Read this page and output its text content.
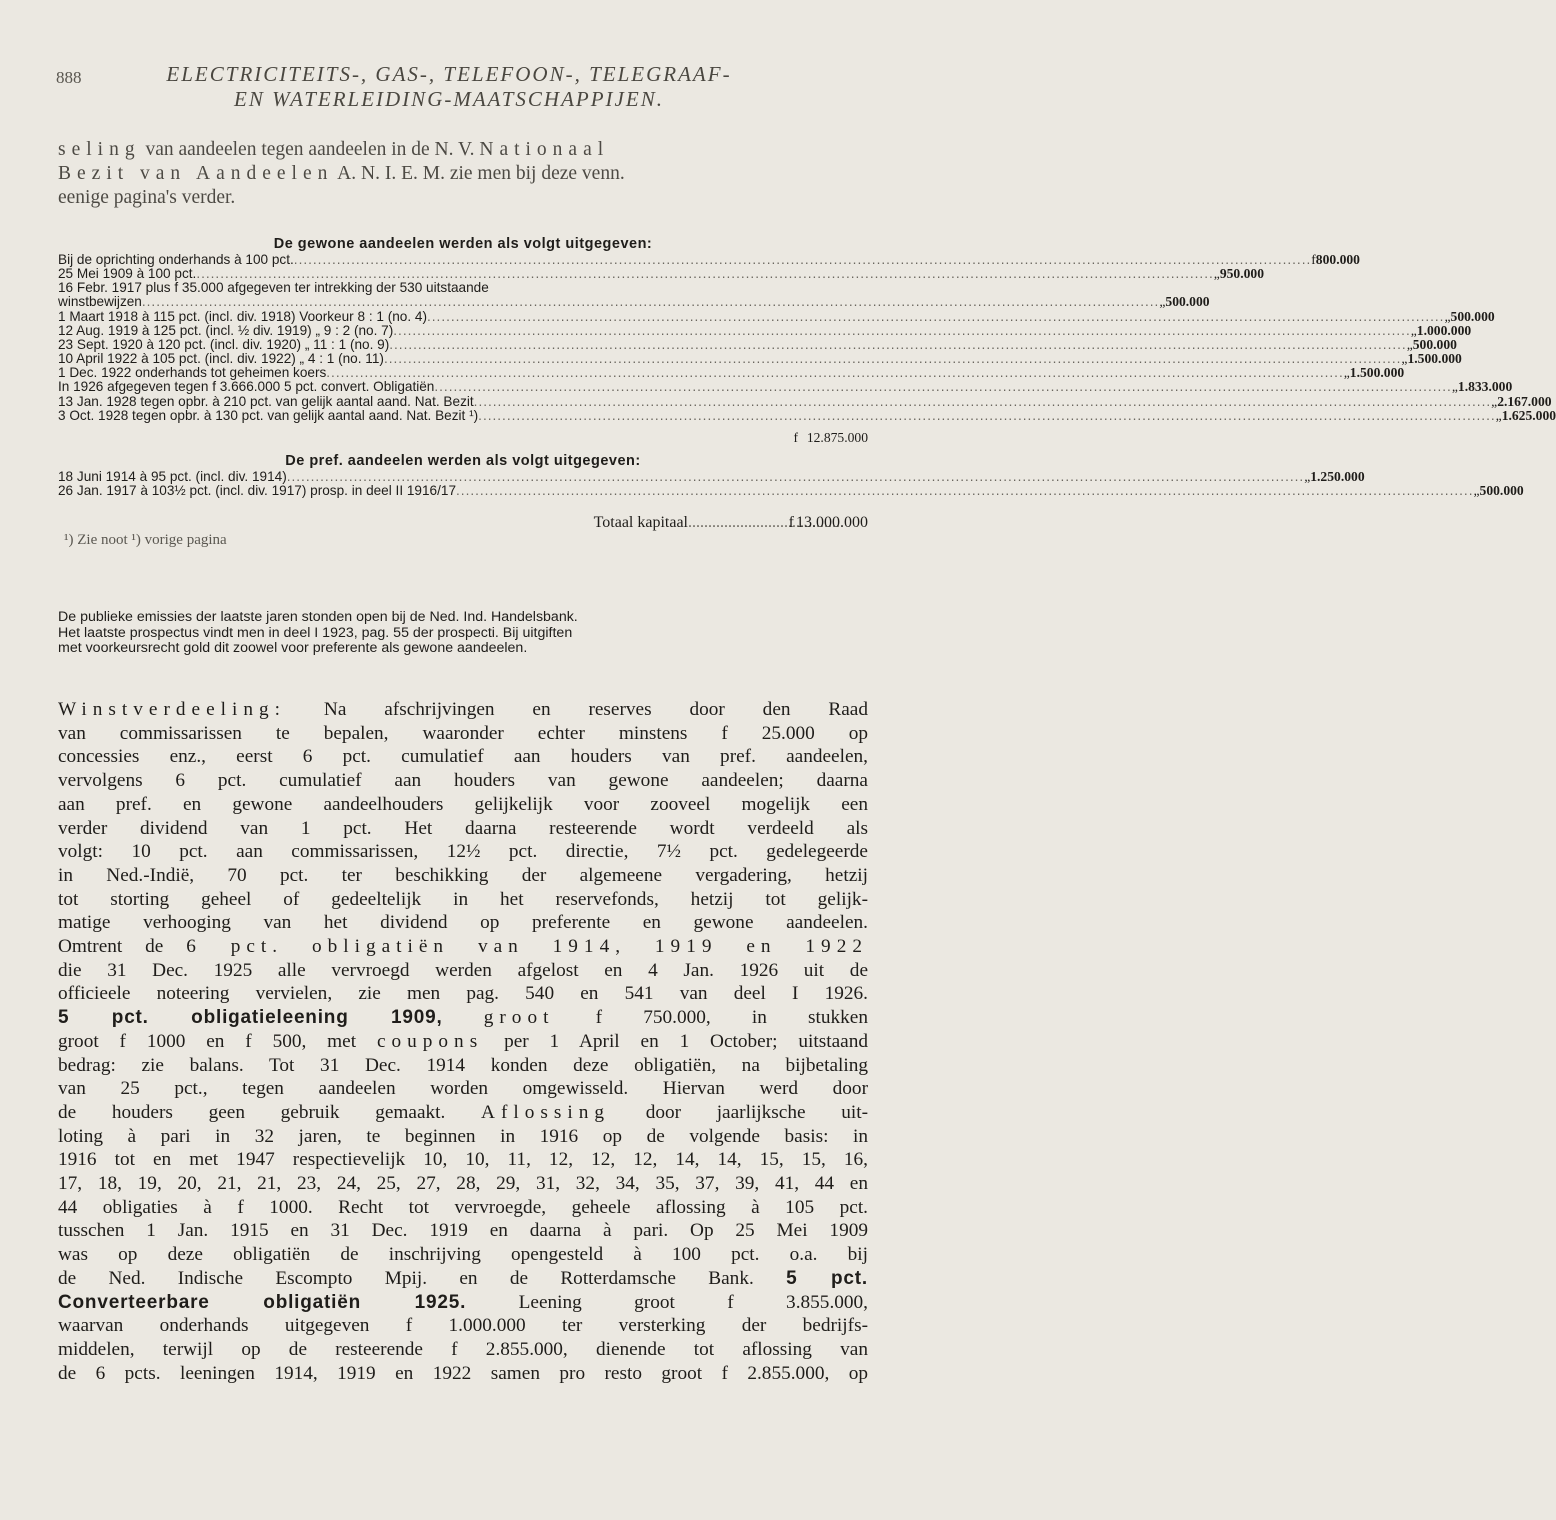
888	ELECTRICITEITS-, GAS-, TELEFOON-, TELEGRAAF-
EN WATERLEIDING-MAATSCHAPPIJEN.

seling van aandeelen tegen aandeelen in de N. V. Nationaal

Bezit van Aandeelen A. N. I. E. M. zie men bij deze venn.

eenige pagina's verder.

De gewone aandeelen werden als volgt uitgegeven:
Bij de oprichting onderhands à 100 pct. .....	f 800.000
25 Mei 1909 à 100 pct. .....	„ 950.000
16 Febr. 1917 plus f 35.000 afgegeven ter intrekking der 530 uitstaande
winstbewijzen .....	„ 500.000
1 Maart 1918 à 115 pct. (incl. div. 1918) Voorkeur 8 : 1 (no. 4) .....	„ 500.000
12 Aug. 1919 à 125 pct. (incl. ½ div. 1919) „ 9 : 2 (no. 7) .....	„ 1.000.000
23 Sept. 1920 à 120 pct. (incl. div. 1920) „ 11 : 1 (no. 9) .....	„ 500.000
10 April 1922 à 105 pct. (incl. div. 1922) „ 4 : 1 (no. 11) .....	„ 1.500.000
1 Dec. 1922 onderhands tot geheimen koers .....	„ 1.500.000
In 1926 afgegeven tegen f 3.666.000 5 pct. convert. Obligatiën .....	„ 1.833.000
13 Jan. 1928 tegen opbr. à 210 pct. van gelijk aantal aand. Nat. Bezit .....	„ 2.167.000
3 Oct. 1928 tegen opbr. à 130 pct. van gelijk aantal aand. Nat. Bezit ¹) .....	„ 1.625.000
f 12.875.000
De pref. aandeelen werden als volgt uitgegeven:
18 Juni 1914 à 95 pct. (incl. div. 1914) .....	„ 1.250.000
26 Jan. 1917 à 103½ pct. (incl. div. 1917) prosp. in deel II 1916/17 .....	„ 500.000
Totaal kapitaal .....	f 13.000.000
¹) Zie noot ¹) vorige pagina

De publieke emissies der laatste jaren stonden open bij de Ned. Ind. Handelsbank.

Het laatste prospectus vindt men in deel I 1923, pag. 55 der prospecti. Bij uitgiften

met voorkeursrecht gold dit zoowel voor preferente als gewone aandeelen.

Winstverdeeling: Na afschrijvingen en reserves door den Raad

van commissarissen te bepalen, waaronder echter minstens f 25.000 op

concessies enz., eerst 6 pct. cumulatief aan houders van pref. aandeelen,

vervolgens 6 pct. cumulatief aan houders van gewone aandeelen; daarna

aan pref. en gewone aandeelhouders gelijkelijk voor zooveel mogelijk een

verder dividend van 1 pct. Het daarna resteerende wordt verdeeld als

volgt: 10 pct. aan commissarissen, 12½ pct. directie, 7½ pct. gedelegeerde

in Ned.-Indië, 70 pct. ter beschikking der algemeene vergadering, hetzij

tot storting geheel of gedeeltelijk in het reservefonds, hetzij tot gelijk-

matige verhooging van het dividend op preferente en gewone aandeelen.

Omtrent de 6 pct. obligatiën van 1914, 1919 en 1922

die 31 Dec. 1925 alle vervroegd werden afgelost en 4 Jan. 1926 uit de

officieele noteering vervielen, zie men pag. 540 en 541 van deel I 1926.

5 pct. obligatieleening 1909, groot f 750.000, in stukken

groot f 1000 en f 500, met coupons per 1 April en 1 October; uitstaand

bedrag: zie balans. Tot 31 Dec. 1914 konden deze obligatiën, na bijbetaling

van 25 pct., tegen aandeelen worden omgewisseld. Hiervan werd door

de houders geen gebruik gemaakt. Aflossing door jaarlijksche uit-

loting à pari in 32 jaren, te beginnen in 1916 op de volgende basis: in

1916 tot en met 1947 respectievelijk 10, 10, 11, 12, 12, 12, 14, 14, 15, 15, 16,

17, 18, 19, 20, 21, 21, 23, 24, 25, 27, 28, 29, 31, 32, 34, 35, 37, 39, 41, 44 en

44 obligaties à f 1000. Recht tot vervroegde, geheele aflossing à 105 pct.

tusschen 1 Jan. 1915 en 31 Dec. 1919 en daarna à pari. Op 25 Mei 1909

was op deze obligatiën de inschrijving opengesteld à 100 pct. o.a. bij

de Ned. Indische Escompto Mpij. en de Rotterdamsche Bank. 5 pct.

Converteerbare obligatiën 1925.	Leening groot f 3.855.000,

waarvan onderhands uitgegeven f 1.000.000 ter versterking der bedrijfs-

middelen, terwijl op de resteerende f 2.855.000, dienende tot aflossing van

de 6 pcts. leeningen 1914, 1919 en 1922 samen pro resto groot f 2.855.000, op
